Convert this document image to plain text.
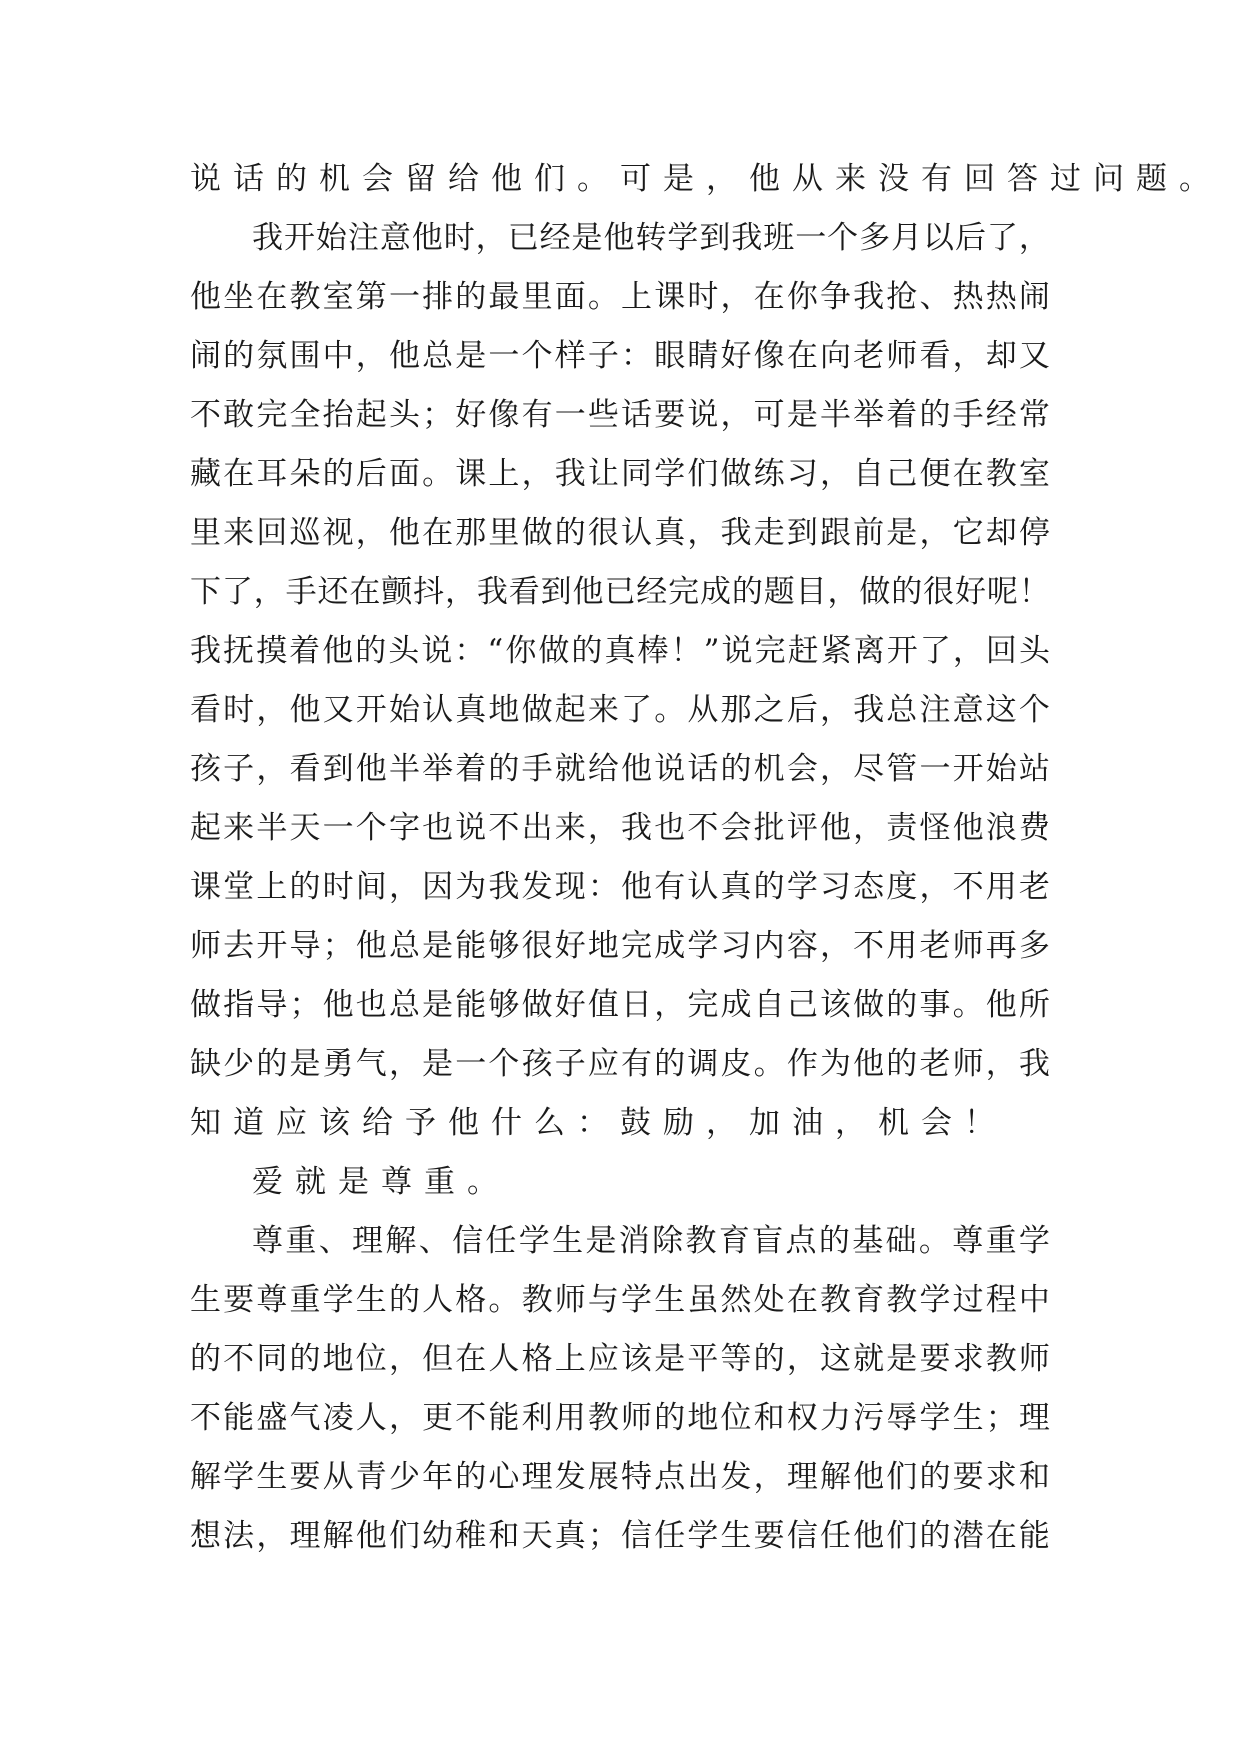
说话的机会留给他们。可是，他从来没有回答过问题。
我 开 始 注 意 他 时 ， 已 经 是 他 转 学 到 我 班 一 个 多 月 以 后 了 ，
他 坐 在 教 室 第 一 排 的 最 里 面 。 上 课 时 ， 在 你 争 我 抢 、 热 热 闹
闹 的 氛 围 中 ， 他 总 是 一 个 样 子 ： 眼 睛 好 像 在 向 老 师 看 ， 却 又
不 敢 完 全 抬 起 头 ； 好 像 有 一 些 话 要 说 ， 可 是 半 举 着 的 手 经 常
藏 在 耳 朵 的 后 面 。 课 上 ， 我 让 同 学 们 做 练 习 ， 自 己 便 在 教 室
里 来 回 巡 视 ， 他 在 那 里 做 的 很 认 真 ， 我 走 到 跟 前 是 ， 它 却 停
下 了 ， 手 还 在 颤 抖 ， 我 看 到 他 已 经 完 成 的 题 目 ， 做 的 很 好 呢 ！
我 抚 摸 着 他 的 头 说 ： “ 你 做 的 真 棒 ！ ” 说 完 赶 紧 离 开 了 ， 回 头
看 时 ， 他 又 开 始 认 真 地 做 起 来 了 。 从 那 之 后 ， 我 总 注 意 这 个
孩 子 ， 看 到 他 半 举 着 的 手 就 给 他 说 话 的 机 会 ， 尽 管 一 开 始 站
起 来 半 天 一 个 字 也 说 不 出 来 ， 我 也 不 会 批 评 他 ， 责 怪 他 浪 费
课 堂 上 的 时 间 ， 因 为 我 发 现 ： 他 有 认 真 的 学 习 态 度 ， 不 用 老
师 去 开 导 ； 他 总 是 能 够 很 好 地 完 成 学 习 内 容 ， 不 用 老 师 再 多
做 指 导 ； 他 也 总 是 能 够 做 好 值 日 ， 完 成 自 己 该 做 的 事 。 他 所
缺 少 的 是 勇 气 ， 是 一 个 孩 子 应 有 的 调 皮 。 作 为 他 的 老 师 ， 我
知道应该给予他什么：鼓励，加油，机会！
爱就是尊重。
尊 重 、 理 解 、 信 任 学 生 是 消 除 教 育 盲 点 的 基 础 。 尊 重 学
生 要 尊 重 学 生 的 人 格 。 教 师 与 学 生 虽 然 处 在 教 育 教 学 过 程 中
的 不 同 的 地 位 ， 但 在 人 格 上 应 该 是 平 等 的 ， 这 就 是 要 求 教 师
不 能 盛 气 凌 人 ， 更 不 能 利 用 教 师 的 地 位 和 权 力 污 辱 学 生 ； 理
解 学 生 要 从 青 少 年 的 心 理 发 展 特 点 出 发 ， 理 解 他 们 的 要 求 和
想 法 ， 理 解 他 们 幼 稚 和 天 真 ； 信 任 学 生 要 信 任 他 们 的 潜 在 能
